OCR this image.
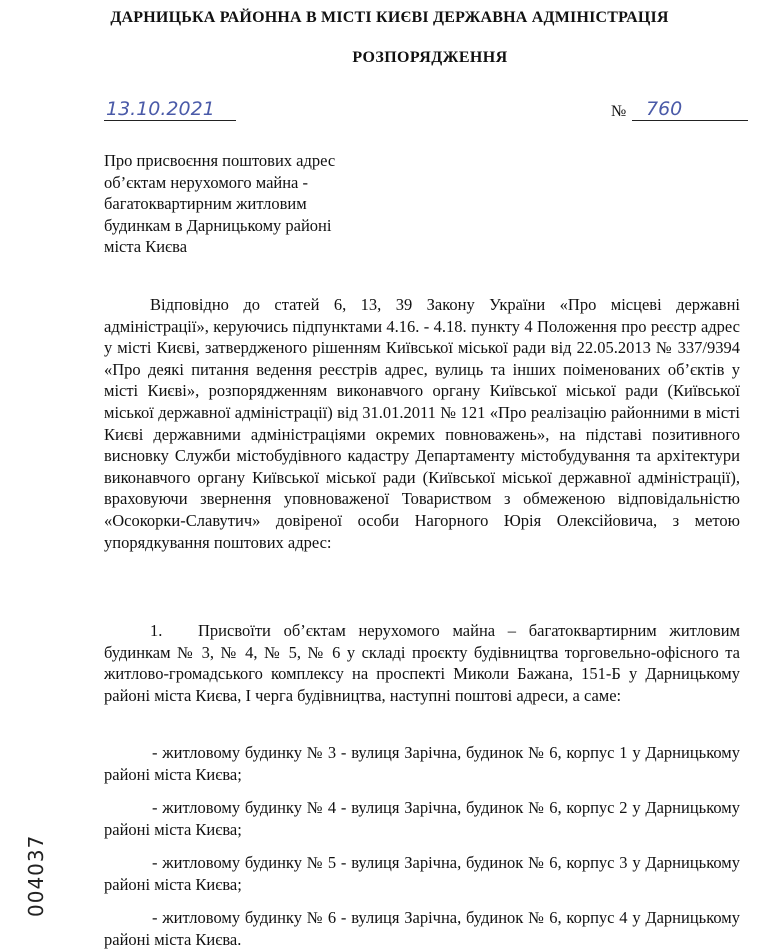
ДАРНИЦЬКА РАЙОННА В МІСТІ КИЄВІ ДЕРЖАВНА АДМІНІСТРАЦІЯ
РОЗПОРЯДЖЕННЯ
13.10.2021	№	760
Про присвоєння поштових адрес
об’єктам нерухомого майна -
багатоквартирним житловим
будинкам в Дарницькому районі
міста Києва
Відповідно до статей 6, 13, 39 Закону України «Про місцеві державні адміністрації», керуючись підпунктами 4.16. - 4.18. пункту 4 Положення про реєстр адрес у місті Києві, затвердженого рішенням Київської міської ради від 22.05.2013 № 337/9394 «Про деякі питання ведення реєстрів адрес, вулиць та інших поіменованих об’єктів у місті Києві», розпорядженням виконавчого органу Київської міської ради (Київської міської державної адміністрації) від 31.01.2011 № 121 «Про реалізацію районними в місті Києві державними адміністраціями окремих повноважень», на підставі позитивного висновку Служби містобудівного кадастру Департаменту містобудування та архітектури виконавчого органу Київської міської ради (Київської міської державної адміністрації), враховуючи звернення уповноваженої Товариством з обмеженою відповідальністю «Осокорки-Славутич» довіреної особи Нагорного Юрія Олексійовича, з метою упорядкування поштових адрес:
1. Присвоїти об’єктам нерухомого майна – багатоквартирним житловим будинкам № 3, № 4, № 5, № 6 у складі проєкту будівництва торговельно-офісного та житлово-громадського комплексу на проспекті Миколи Бажана, 151-Б у Дарницькому районі міста Києва, I черга будівництва, наступні поштові адреси, а саме:
- житловому будинку № 3 - вулиця Зарічна, будинок № 6, корпус 1 у Дарницькому районі міста Києва;
- житловому будинку № 4 - вулиця Зарічна, будинок № 6, корпус 2 у Дарницькому районі міста Києва;
- житловому будинку № 5 - вулиця Зарічна, будинок № 6, корпус 3 у Дарницькому районі міста Києва;
- житловому будинку № 6 - вулиця Зарічна, будинок № 6, корпус 4 у Дарницькому районі міста Києва.
004037
